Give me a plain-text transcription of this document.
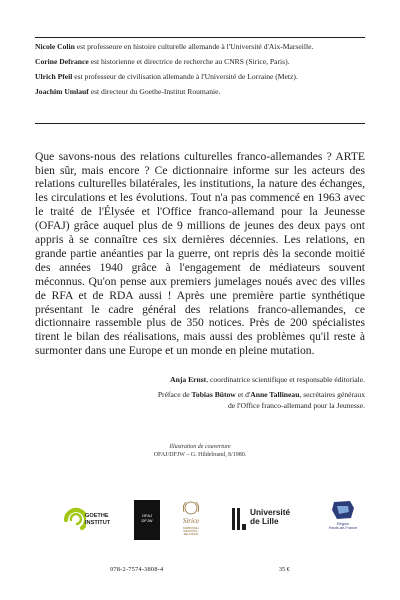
Nicole Colin est professeure en histoire culturelle allemande à l'Université d'Aix-Marseille.

Corine Defrance est historienne et directrice de recherche au CNRS (Sirice, Paris).

Ulrich Pfeil est professeur de civilisation allemande à l'Université de Lorraine (Metz).

Joachim Umlauf est directeur du Goethe-Institut Roumanie.

Que savons-nous des relations culturelles franco-allemandes ? ARTE bien sûr, mais encore ? Ce dictionnaire informe sur les acteurs des relations culturelles bilatérales, les institutions, la nature des échanges, les circulations et les évolutions. Tout n'a pas commencé en 1963 avec le traité de l'Élysée et l'Office franco-allemand pour la Jeunesse (OFAJ) grâce auquel plus de 9 millions de jeunes des deux pays ont appris à se connaître ces six dernières décennies. Les relations, en grande partie anéanties par la guerre, ont repris dès la seconde moitié des années 1940 grâce à l'engagement de médiateurs souvent méconnus. Qu'on pense aux premiers jumelages noués avec des villes de RFA et de RDA aussi ! Après une première partie synthétique présentant le cadre général des relations franco-allemandes, ce dictionnaire rassemble plus de 350 notices. Près de 200 spécialistes tirent le bilan des réalisations, mais aussi des problèmes qu'il reste à surmonter dans une Europe et un monde en pleine mutation.

Anja Ernst, coordinatrice scientifique et responsable éditoriale.

Préface de Tobias Bütow et d'Anne Tallineau, secrétaires généraux
de l'Office franco-allemand pour la Jeunesse.

Illustration de couverture
OFAJ/DFJW – G. Hildebrand, 8/1980.
GOETHE
INSTITUT
OFAJ
DFJW	Sirice
SORBONNE • IDENTITÉS • RELATIONS
Université
de Lille	Région
Hauts-de-France
978-2-7574-3808-4	35 €
